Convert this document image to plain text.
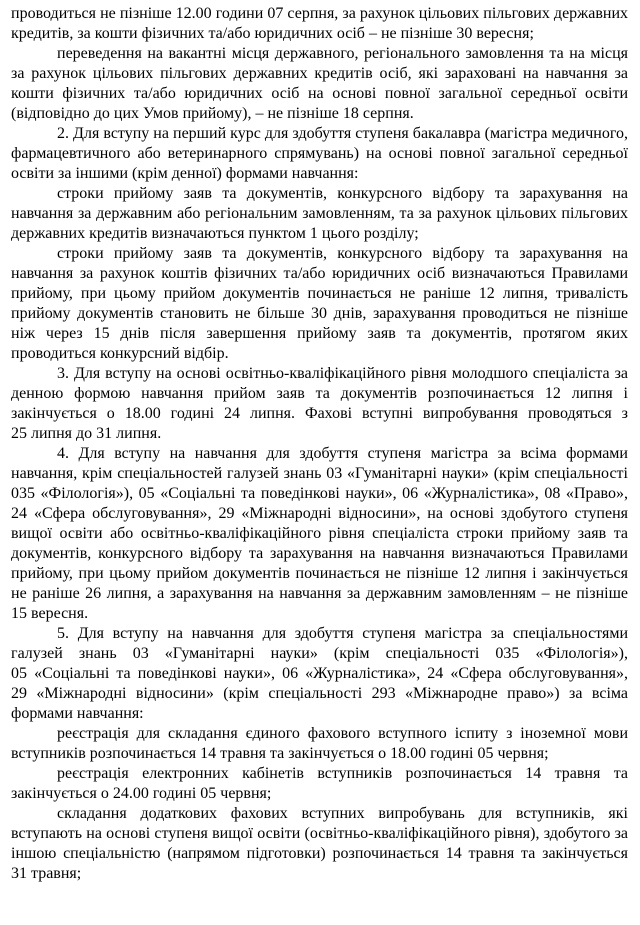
проводиться не пізніше 12.00 години 07 серпня, за рахунок цільових пільгових державних кредитів, за кошти фізичних та/або юридичних осіб – не пізніше 30 вересня;

переведення на вакантні місця державного, регіонального замовлення та на місця за рахунок цільових пільгових державних кредитів осіб, які зараховані на навчання за кошти фізичних та/або юридичних осіб на основі повної загальної середньої освіти (відповідно до цих Умов прийому), – не пізніше 18 серпня.

2. Для вступу на перший курс для здобуття ступеня бакалавра (магістра медичного, фармацевтичного або ветеринарного спрямувань) на основі повної загальної середньої освіти за іншими (крім денної) формами навчання:

строки прийому заяв та документів, конкурсного відбору та зарахування на навчання за державним або регіональним замовленням, та за рахунок цільових пільгових державних кредитів визначаються пунктом 1 цього розділу;

строки прийому заяв та документів, конкурсного відбору та зарахування на навчання за рахунок коштів фізичних та/або юридичних осіб визначаються Правилами прийому, при цьому прийом документів починається не раніше 12 липня, тривалість прийому документів становить не більше 30 днів, зарахування проводиться не пізніше ніж через 15 днів після завершення прийому заяв та документів, протягом яких проводиться конкурсний відбір.

3. Для вступу на основі освітньо-кваліфікаційного рівня молодшого спеціаліста за денною формою навчання прийом заяв та документів розпочинається 12 липня і закінчується о 18.00 годині 24 липня. Фахові вступні випробування проводяться з 25 липня до 31 липня.

4. Для вступу на навчання для здобуття ступеня магістра за всіма формами навчання, крім спеціальностей галузей знань 03 «Гуманітарні науки» (крім спеціальності 035 «Філологія»), 05 «Соціальні та поведінкові науки», 06 «Журналістика», 08 «Право», 24 «Сфера обслуговування», 29 «Міжнародні відносини», на основі здобутого ступеня вищої освіти або освітньо-кваліфікаційного рівня спеціаліста строки прийому заяв та документів, конкурсного відбору та зарахування на навчання визначаються Правилами прийому, при цьому прийом документів починається не пізніше 12 липня і закінчується не раніше 26 липня, а зарахування на навчання за державним замовленням – не пізніше 15 вересня.

5. Для вступу на навчання для здобуття ступеня магістра за спеціальностями галузей знань 03 «Гуманітарні науки» (крім спеціальності 035 «Філологія»), 05 «Соціальні та поведінкові науки», 06 «Журналістика», 24 «Сфера обслуговування», 29 «Міжнародні відносини» (крім спеціальності 293 «Міжнародне право») за всіма формами навчання:

реєстрація для складання єдиного фахового вступного іспиту з іноземної мови вступників розпочинається 14 травня та закінчується о 18.00 годині 05 червня;

реєстрація електронних кабінетів вступників розпочинається 14 травня та закінчується о 24.00 годині 05 червня;

складання додаткових фахових вступних випробувань для вступників, які вступають на основі ступеня вищої освіти (освітньо-кваліфікаційного рівня), здобутого за іншою спеціальністю (напрямом підготовки) розпочинається 14 травня та закінчується 31 травня;
